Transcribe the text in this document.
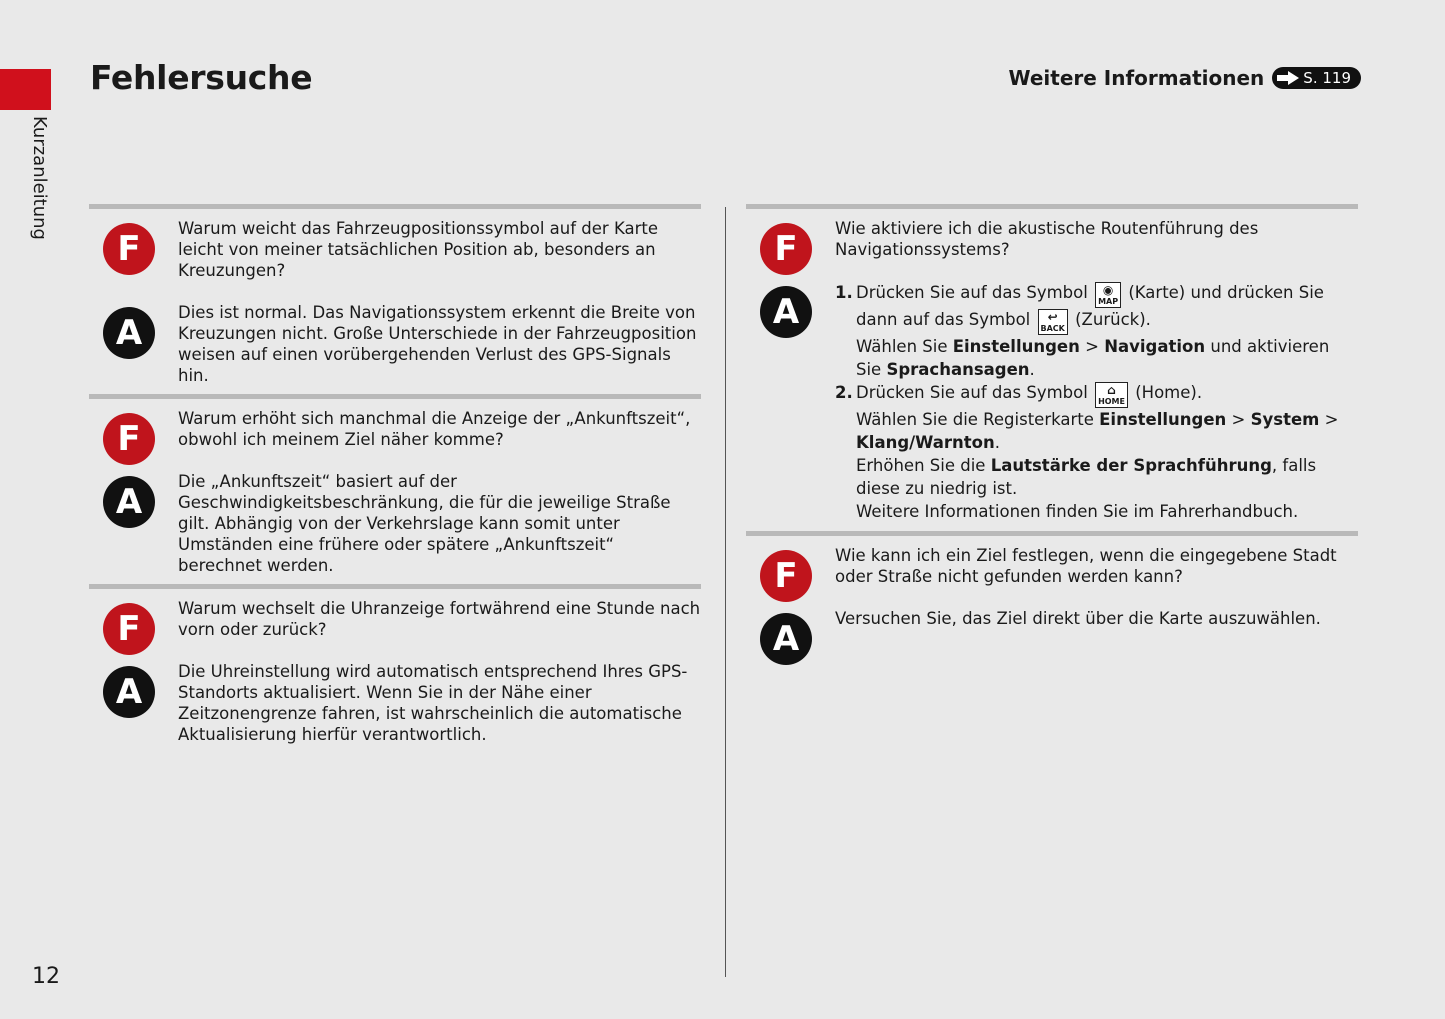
Kurzanleitung
Fehlersuche	Weitere Informationen	S. 119
F	Warum weicht das Fahrzeugpositionssymbol auf der Karte leicht von meiner tatsächlichen Position ab, besonders an Kreuzungen?
A	Dies ist normal. Das Navigationssystem erkennt die Breite von Kreuzungen nicht. Große Unterschiede in der Fahrzeugposition weisen auf einen vorübergehenden Verlust des GPS-Signals hin.
F	Warum erhöht sich manchmal die Anzeige der „Ankunftszeit“, obwohl ich meinem Ziel näher komme?
A	Die „Ankunftszeit“ basiert auf der Geschwindigkeitsbeschränkung, die für die jeweilige Straße gilt. Abhängig von der Verkehrslage kann somit unter Umständen eine frühere oder spätere „Ankunftszeit“ berechnet werden.
F	Warum wechselt die Uhranzeige fortwährend eine Stunde nach vorn oder zurück?
A	Die Uhreinstellung wird automatisch entsprechend Ihres GPS-Standorts aktualisiert. Wenn Sie in der Nähe einer Zeitzonengrenze fahren, ist wahrscheinlich die automatische Aktualisierung hierfür verantwortlich.
F	Wie aktiviere ich die akustische Routenführung des Navigationssystems?
A	1. Drücken Sie auf das Symbol	◉
MAP (Karte) und drücken Sie dann auf das Symbol	↩
BACK (Zurück).
Wählen Sie Einstellungen > Navigation und aktivieren Sie Sprachansagen.
2. Drücken Sie auf das Symbol	⌂
HOME (Home).
Wählen Sie die Registerkarte Einstellungen > System > Klang/Warnton.
Erhöhen Sie die Lautstärke der Sprachführung, falls diese zu niedrig ist.
Weitere Informationen finden Sie im Fahrerhandbuch.
F	Wie kann ich ein Ziel festlegen, wenn die eingegebene Stadt oder Straße nicht gefunden werden kann?
A	Versuchen Sie, das Ziel direkt über die Karte auszuwählen.
12
